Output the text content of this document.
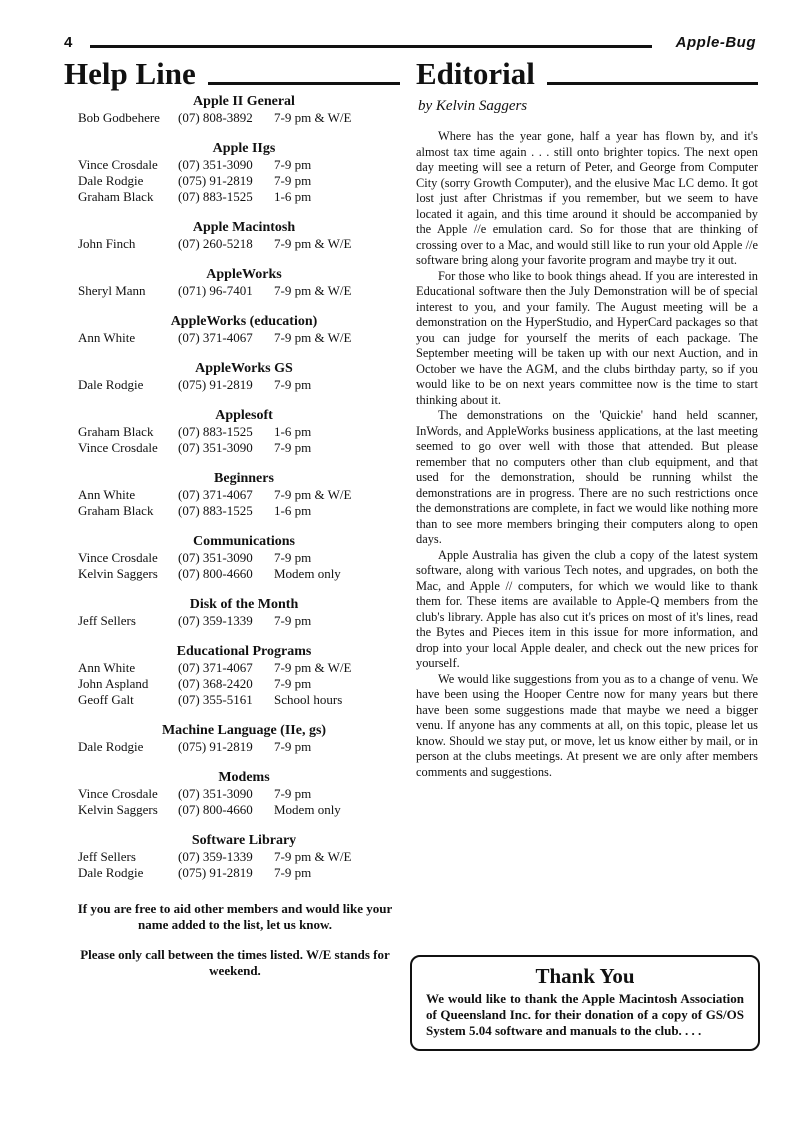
4	Apple-Bug
Help Line
Apple II General
Bob Godbehere	(07) 808-3892	7-9 pm & W/E
Apple IIgs
Vince Crosdale	(07) 351-3090	7-9 pm
Dale Rodgie	(075) 91-2819	7-9 pm
Graham Black	(07) 883-1525	1-6 pm
Apple Macintosh
John Finch	(07) 260-5218	7-9 pm & W/E
AppleWorks
Sheryl Mann	(071) 96-7401	7-9 pm & W/E
AppleWorks (education)
Ann White	(07) 371-4067	7-9 pm & W/E
AppleWorks GS
Dale Rodgie	(075) 91-2819	7-9 pm
Applesoft
Graham Black	(07) 883-1525	1-6 pm
Vince Crosdale	(07) 351-3090	7-9 pm
Beginners
Ann White	(07) 371-4067	7-9 pm & W/E
Graham Black	(07) 883-1525	1-6 pm
Communications
Vince Crosdale	(07) 351-3090	7-9 pm
Kelvin Saggers	(07) 800-4660	Modem only
Disk of the Month
Jeff Sellers	(07) 359-1339	7-9 pm
Educational Programs
Ann White	(07) 371-4067	7-9 pm & W/E
John Aspland	(07) 368-2420	7-9 pm
Geoff Galt	(07) 355-5161	School hours
Machine Language (IIe, gs)
Dale Rodgie	(075) 91-2819	7-9 pm
Modems
Vince Crosdale	(07) 351-3090	7-9 pm
Kelvin Saggers	(07) 800-4660	Modem only
Software Library
Jeff Sellers	(07) 359-1339	7-9 pm & W/E
Dale Rodgie	(075) 91-2819	7-9 pm

If you are free to aid other members and would like your name added to the list, let us know.

Please only call between the times listed. W/E stands for weekend.

Editorial
by Kelvin Saggers

Where has the year gone, half a year has flown by, and it's almost tax time again . . . still onto brighter topics. The next open day meeting will see a return of Peter, and George from Computer City (sorry Growth Computer), and the elusive Mac LC demo. It got lost just after Christmas if you remember, but we seem to have located it again, and this time around it should be accompanied by the Apple //e emulation card. So for those that are thinking of crossing over to a Mac, and would still like to run your old Apple //e software bring along your favorite program and maybe try it out.

For those who like to book things ahead. If you are interested in Educational software then the July Demonstration will be of special interest to you, and your family. The August meeting will be a demonstration on the HyperStudio, and HyperCard packages so that you can judge for yourself the merits of each package. The September meeting will be taken up with our next Auction, and in October we have the AGM, and the clubs birthday party, so if you would like to be on next years committee now is the time to start thinking about it.

The demonstrations on the 'Quickie' hand held scanner, InWords, and AppleWorks business applications, at the last meeting seemed to go over well with those that attended. But please remember that no computers other than club equipment, and that used for the demonstration, should be running whilst the demonstrations are in progress. There are no such restrictions once the demonstrations are complete, in fact we would like nothing more than to see more members bringing their computers along to open days.

Apple Australia has given the club a copy of the latest system software, along with various Tech notes, and upgrades, on both the Mac, and Apple // computers, for which we would like to thank them for. These items are available to Apple-Q members from the club's library. Apple has also cut it's prices on most of it's lines, read the Bytes and Pieces item in this issue for more information, and drop into your local Apple dealer, and check out the new prices for yourself.

We would like suggestions from you as to a change of venu. We have been using the Hooper Centre now for many years but there have been some suggestions made that maybe we need a bigger venu. If anyone has any comments at all, on this topic, please let us know. Should we stay put, or move, let us know either by mail, or in person at the clubs meetings. At present we are only after members comments and suggestions.

Thank You
We would like to thank the Apple Macintosh Association of Queensland Inc. for their donation of a copy of GS/OS System 5.04 software and manuals to the club. . . .
